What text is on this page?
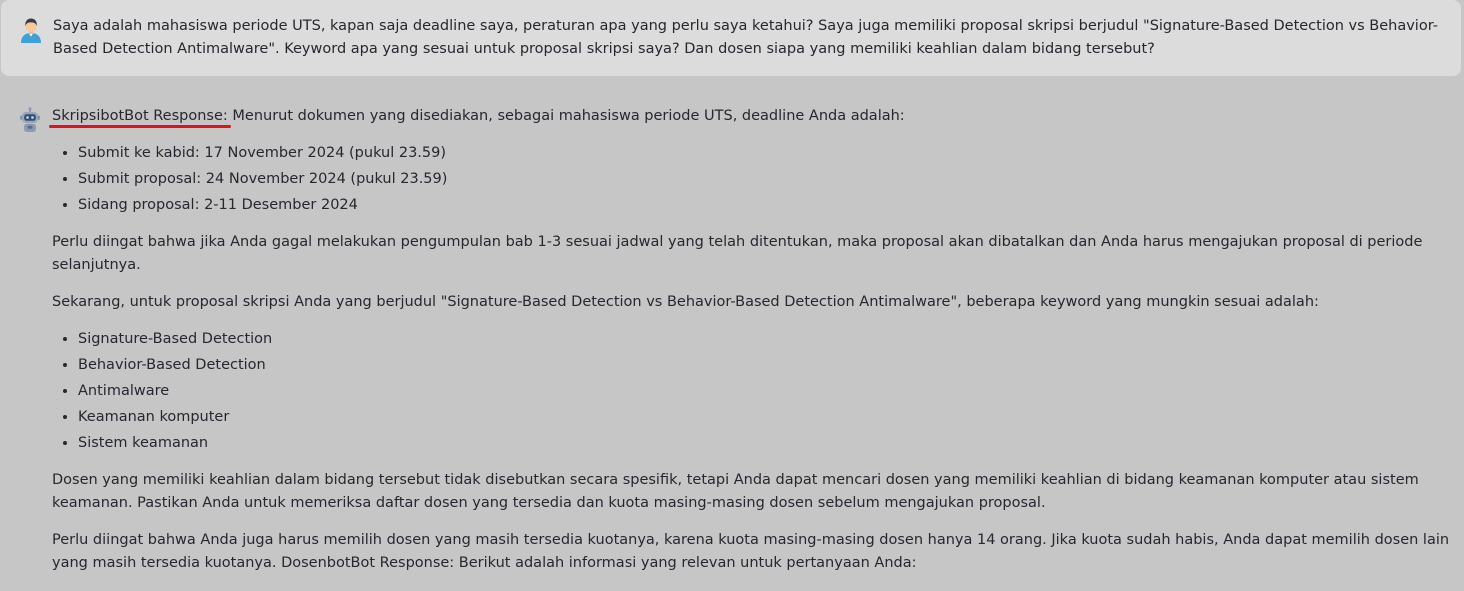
Saya adalah mahasiswa periode UTS, kapan saja deadline saya, peraturan apa yang perlu saya ketahui? Saya juga memiliki proposal skripsi berjudul "Signature-Based Detection vs Behavior-Based Detection Antimalware". Keyword apa yang sesuai untuk proposal skripsi saya? Dan dosen siapa yang memiliki keahlian dalam bidang tersebut?

SkripsibotBot Response:
Menurut dokumen yang disediakan, sebagai mahasiswa periode UTS, deadline Anda adalah:

• Submit ke kabid: 17 November 2024 (pukul 23.59)
• Submit proposal: 24 November 2024 (pukul 23.59)
• Sidang proposal: 2-11 Desember 2024

Perlu diingat bahwa jika Anda gagal melakukan pengumpulan bab 1-3 sesuai jadwal yang telah ditentukan, maka proposal akan dibatalkan dan Anda harus mengajukan proposal di periode selanjutnya.

Sekarang, untuk proposal skripsi Anda yang berjudul "Signature-Based Detection vs Behavior-Based Detection Antimalware", beberapa keyword yang mungkin sesuai adalah:

• Signature-Based Detection
• Behavior-Based Detection
• Antimalware
• Keamanan komputer
• Sistem keamanan

Dosen yang memiliki keahlian dalam bidang tersebut tidak disebutkan secara spesifik, tetapi Anda dapat mencari dosen yang memiliki keahlian di bidang keamanan komputer atau sistem keamanan. Pastikan Anda untuk memeriksa daftar dosen yang tersedia dan kuota masing-masing dosen sebelum mengajukan proposal.

Perlu diingat bahwa Anda juga harus memilih dosen yang masih tersedia kuotanya, karena kuota masing-masing dosen hanya 14 orang. Jika kuota sudah habis, Anda dapat memilih dosen lain yang masih tersedia kuotanya. DosenbotBot Response: Berikut adalah informasi yang relevan untuk pertanyaan Anda:
